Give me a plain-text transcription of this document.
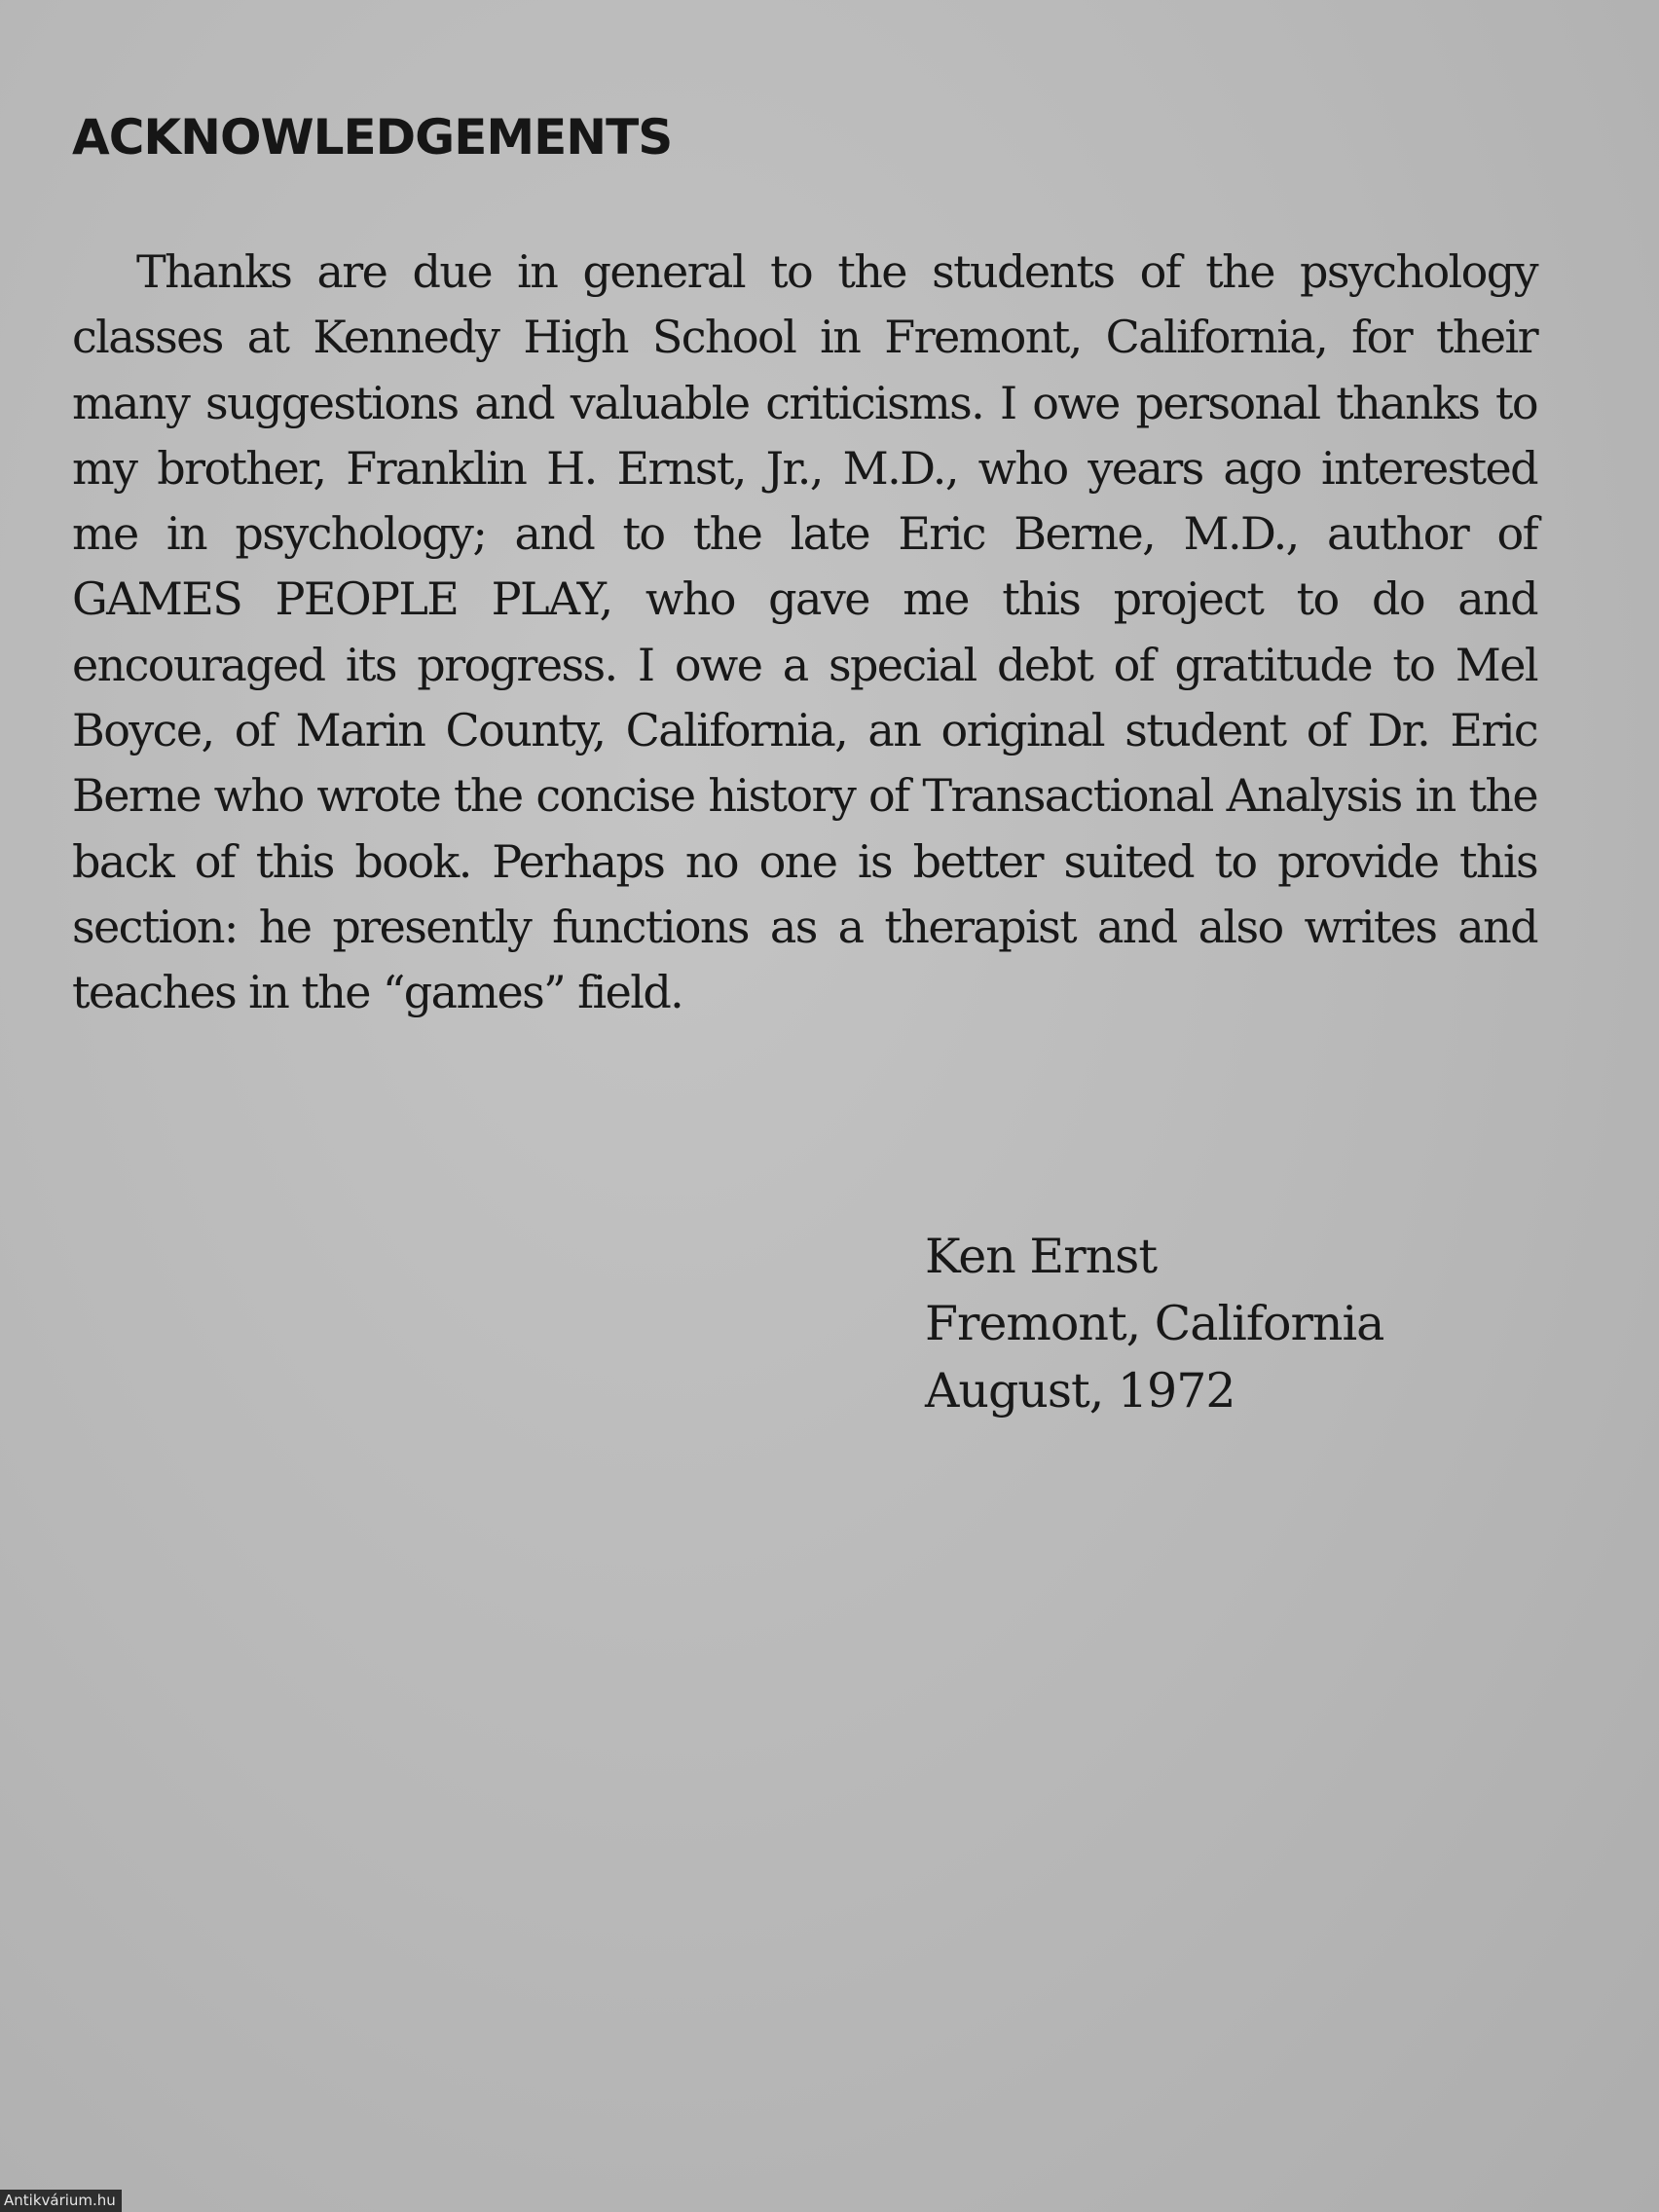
ACKNOWLEDGEMENTS

Thanks are due in general to the students of the psychology classes at Kennedy High School in Fremont, California, for their many suggestions and valuable criticisms. I owe personal thanks to my brother, Franklin H. Ernst, Jr., M.D., who years ago interested me in psychology; and to the late Eric Berne, M.D., author of GAMES PEOPLE PLAY, who gave me this project to do and encouraged its progress. I owe a special debt of gratitude to Mel Boyce, of Marin County, California, an original student of Dr. Eric Berne who wrote the concise history of Transactional Analysis in the back of this book. Perhaps no one is better suited to provide this section: he presently functions as a therapist and also writes and teaches in the “games” field.

Ken Ernst
Fremont, California
August, 1972
Antikvárium.hu
